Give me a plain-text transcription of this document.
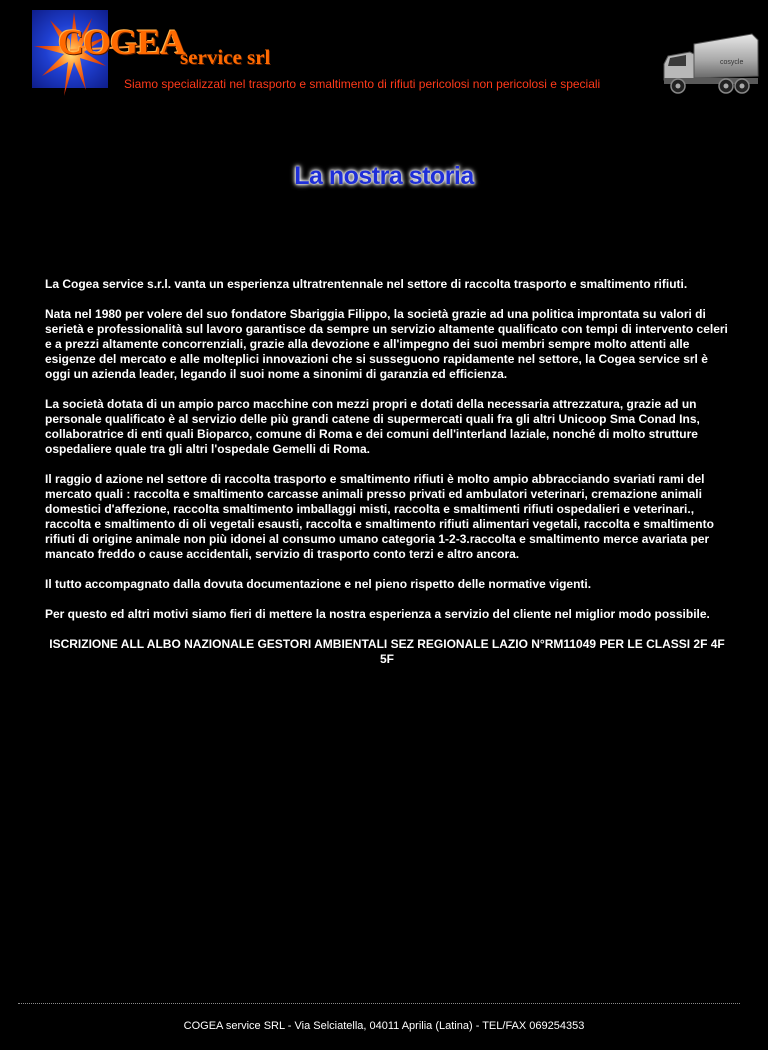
COGEA
service srl
Siamo specializzati nel trasporto e smaltimento di rifiuti pericolosi non pericolosi e speciali
cosycle
La nostra storia

La Cogea service s.r.l. vanta un esperienza ultratrentennale nel settore di raccolta trasporto e smaltimento rifiuti.

Nata nel 1980 per volere del suo fondatore Sbariggia Filippo, la società grazie ad una politica improntata su valori di serietà e professionalità sul lavoro garantisce da sempre un servizio altamente qualificato con tempi di intervento celeri e a prezzi altamente concorrenziali, grazie alla devozione e all'impegno dei suoi membri sempre molto attenti alle esigenze del mercato e alle molteplici innovazioni che si susseguono rapidamente nel settore, la Cogea service srl è oggi un azienda leader, legando il suoi nome a sinonimi di garanzia ed efficienza.

La società dotata di un ampio parco macchine con mezzi propri e dotati della necessaria attrezzatura, grazie ad un personale qualificato è al servizio delle più grandi catene di supermercati quali fra gli altri Unicoop Sma Conad Ins, collaboratrice di enti quali Bioparco, comune di Roma e dei comuni dell'interland laziale, nonché di molto strutture ospedaliere quale tra gli altri l'ospedale Gemelli di Roma.

Il raggio d azione nel settore di raccolta trasporto e smaltimento rifiuti è molto ampio abbracciando svariati rami del mercato quali : raccolta e smaltimento carcasse animali presso privati ed ambulatori veterinari, cremazione animali domestici d'affezione, raccolta smaltimento imballaggi misti, raccolta e smaltimenti rifiuti ospedalieri e veterinari., raccolta e smaltimento di oli vegetali esausti, raccolta e smaltimento rifiuti alimentari vegetali, raccolta e smaltimento rifiuti di origine animale non più idonei al consumo umano categoria 1-2-3.raccolta e smaltimento merce avariata per mancato freddo o cause accidentali, servizio di trasporto conto terzi e altro ancora.

Il tutto accompagnato dalla dovuta documentazione e nel pieno rispetto delle normative vigenti.

Per questo ed altri motivi siamo fieri di mettere la nostra esperienza a servizio del cliente nel miglior modo possibile.

ISCRIZIONE ALL ALBO NAZIONALE GESTORI AMBIENTALI SEZ REGIONALE LAZIO N°RM11049 PER LE CLASSI 2F 4F 5F

COGEA service SRL - Via Selciatella, 04011 Aprilia (Latina) - TEL/FAX 069254353
